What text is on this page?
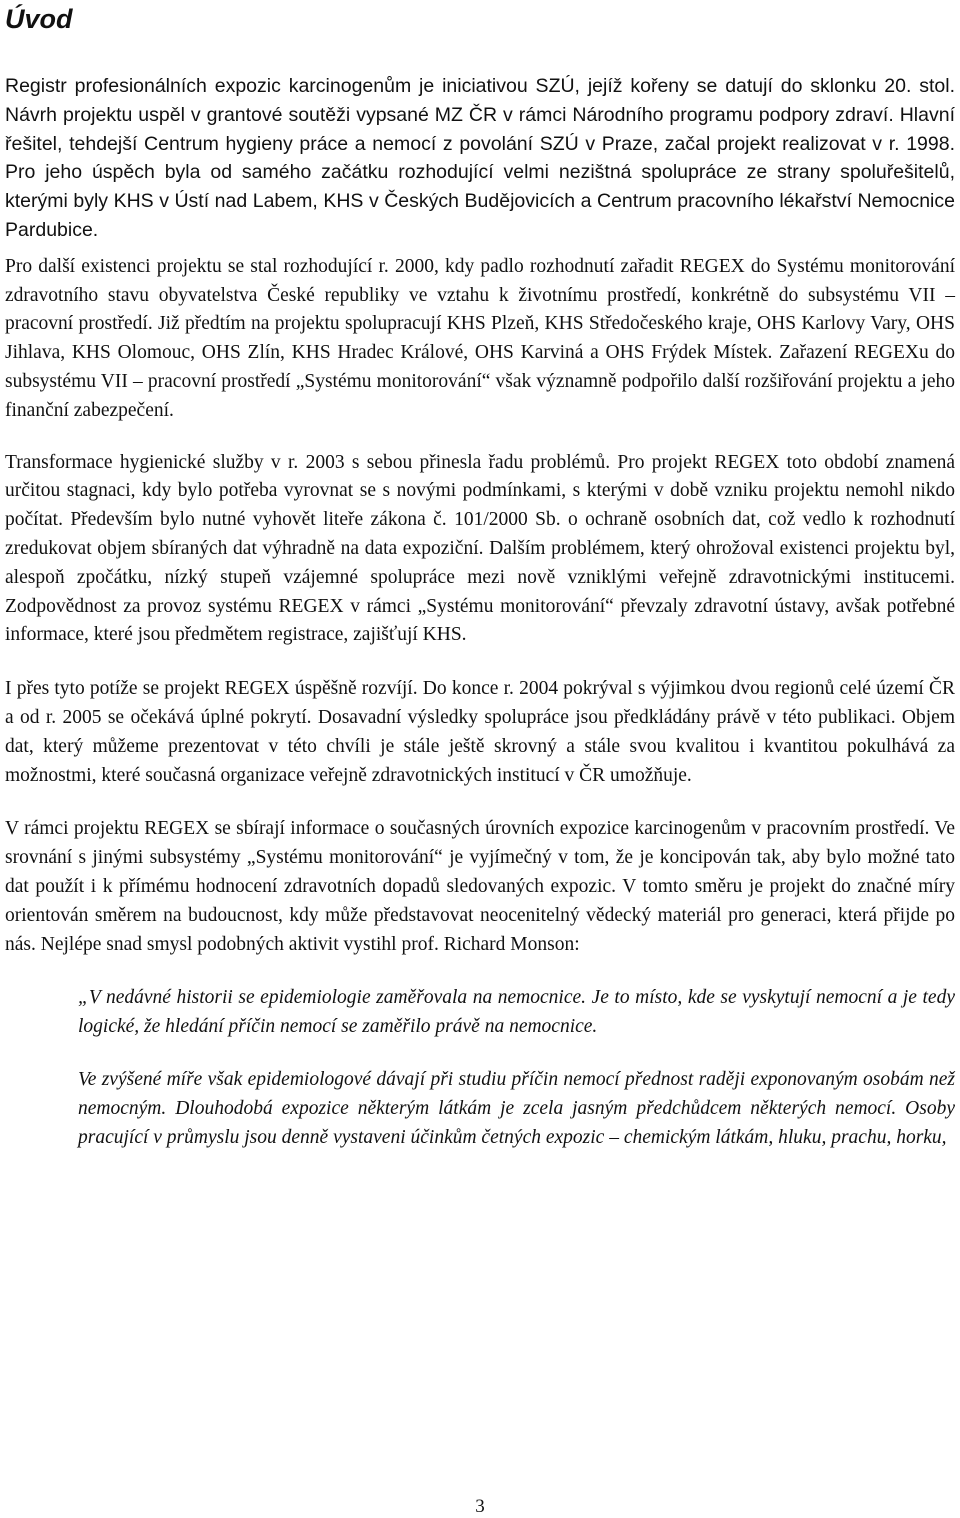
Úvod

Registr profesionálních expozic karcinogenům je iniciativou SZÚ, jejíž kořeny se datují do sklonku 20. stol. Návrh projektu uspěl v grantové soutěži vypsané MZ ČR v rámci Národního programu podpory zdraví. Hlavní řešitel, tehdejší Centrum hygieny práce a nemocí z povolání SZÚ v Praze, začal projekt realizovat v r. 1998. Pro jeho úspěch byla od samého začátku rozhodující velmi nezištná spolupráce ze strany spoluřešitelů, kterými byly KHS v Ústí nad Labem, KHS v Českých Budějovicích a Centrum pracovního lékařství Nemocnice Pardubice.

Pro další existenci projektu se stal rozhodující r. 2000, kdy padlo rozhodnutí zařadit REGEX do Systému monitorování zdravotního stavu obyvatelstva České republiky ve vztahu k životnímu prostředí, konkrétně do subsystému VII – pracovní prostředí. Již předtím na projektu spolupracují KHS Plzeň, KHS Středočeského kraje, OHS Karlovy Vary, OHS Jihlava, KHS Olomouc, OHS Zlín, KHS Hradec Králové, OHS Karviná a OHS Frýdek Místek. Zařazení REGEXu do subsystému VII – pracovní prostředí „Systému monitorování“ však významně podpořilo další rozšiřování projektu a jeho finanční zabezpečení.

Transformace hygienické služby v r. 2003 s sebou přinesla řadu problémů. Pro projekt REGEX toto období znamená určitou stagnaci, kdy bylo potřeba vyrovnat se s novými podmínkami, s kterými v době vzniku projektu nemohl nikdo počítat. Především bylo nutné vyhovět liteře zákona č. 101/2000 Sb. o ochraně osobních dat, což vedlo k rozhodnutí zredukovat objem sbíraných dat výhradně na data expoziční. Dalším problémem, který ohrožoval existenci projektu byl, alespoň zpočátku, nízký stupeň vzájemné spolupráce mezi nově vzniklými veřejně zdravotnickými institucemi. Zodpovědnost za provoz systému REGEX v rámci „Systému monitorování“ převzaly zdravotní ústavy, avšak potřebné informace, které jsou předmětem registrace, zajišťují KHS.

I přes tyto potíže se projekt REGEX úspěšně rozvíjí. Do konce r. 2004 pokrýval s výjimkou dvou regionů celé území ČR a od r. 2005 se očekává úplné pokrytí. Dosavadní výsledky spolupráce jsou předkládány právě v této publikaci. Objem dat, který můžeme prezentovat v této chvíli je stále ještě skrovný a stále svou kvalitou i kvantitou pokulhává za možnostmi, které současná organizace veřejně zdravotnických institucí v ČR umožňuje.

V rámci projektu REGEX se sbírají informace o současných úrovních expozice karcinogenům v pracovním prostředí. Ve srovnání s jinými subsystémy „Systému monitorování“ je vyjímečný v tom, že je koncipován tak, aby bylo možné tato dat použít i k přímému hodnocení zdravotních dopadů sledovaných expozic. V tomto směru je projekt do značné míry orientován směrem na budoucnost, kdy může představovat neocenitelný vědecký materiál pro generaci, která přijde po nás. Nejlépe snad smysl podobných aktivit vystihl prof. Richard Monson:

„V nedávné historii se epidemiologie zaměřovala na nemocnice. Je to místo, kde se vyskytují nemocní a je tedy logické, že hledání příčin nemocí se zaměřilo právě na nemocnice.

Ve zvýšené míře však epidemiologové dávají při studiu příčin nemocí přednost raději exponovaným osobám než nemocným. Dlouhodobá expozice některým látkám je zcela jasným předchůdcem některých nemocí. Osoby pracující v průmyslu jsou denně vystaveni účinkům četných expozic – chemickým látkám, hluku, prachu, horku,

3
